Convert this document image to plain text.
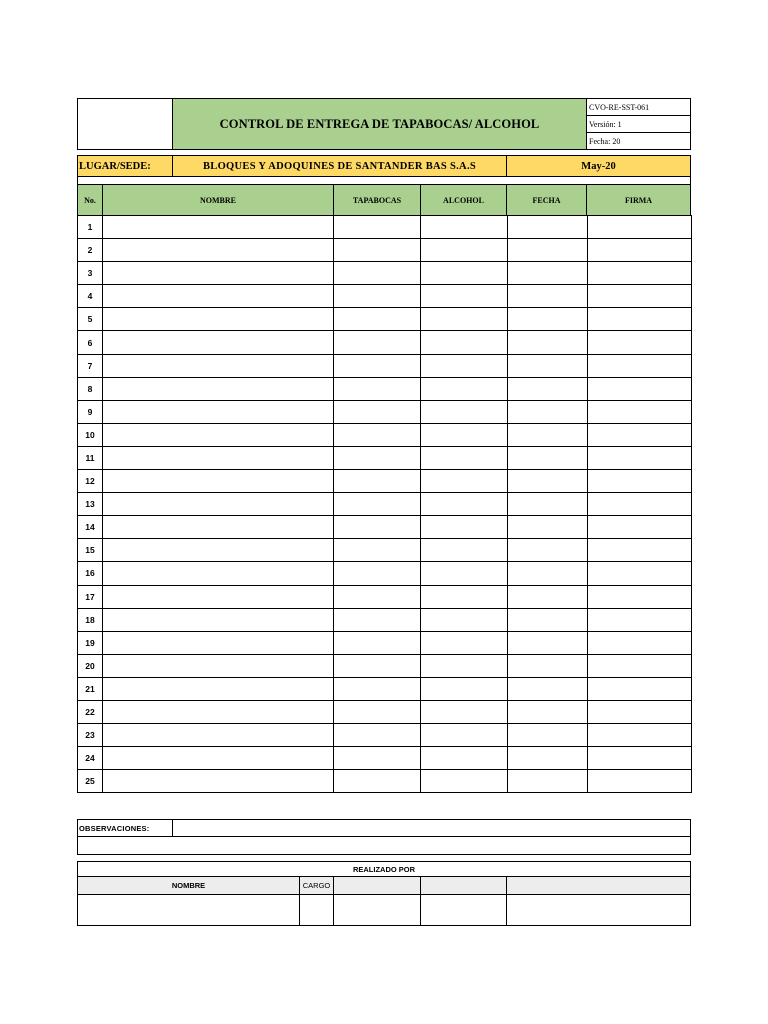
CONTROL DE ENTREGA DE TAPABOCAS/ ALCOHOL
CVO-RE-SST-061
Versión: 1
Fecha: 20
LUGAR/SEDE:	BLOQUES Y ADOQUINES DE SANTANDER BAS S.A.S	May-20
No.	NOMBRE	TAPABOCAS	ALCOHOL	FECHA	FIRMA
1					
2					
3					
4					
5					
6					
7					
8					
9					
10					
11					
12					
13					
14					
15					
16					
17					
18					
19					
20					
21					
22					
23					
24					
25					
OBSERVACIONES:
REALIZADO POR
NOMBRE	CARGO
